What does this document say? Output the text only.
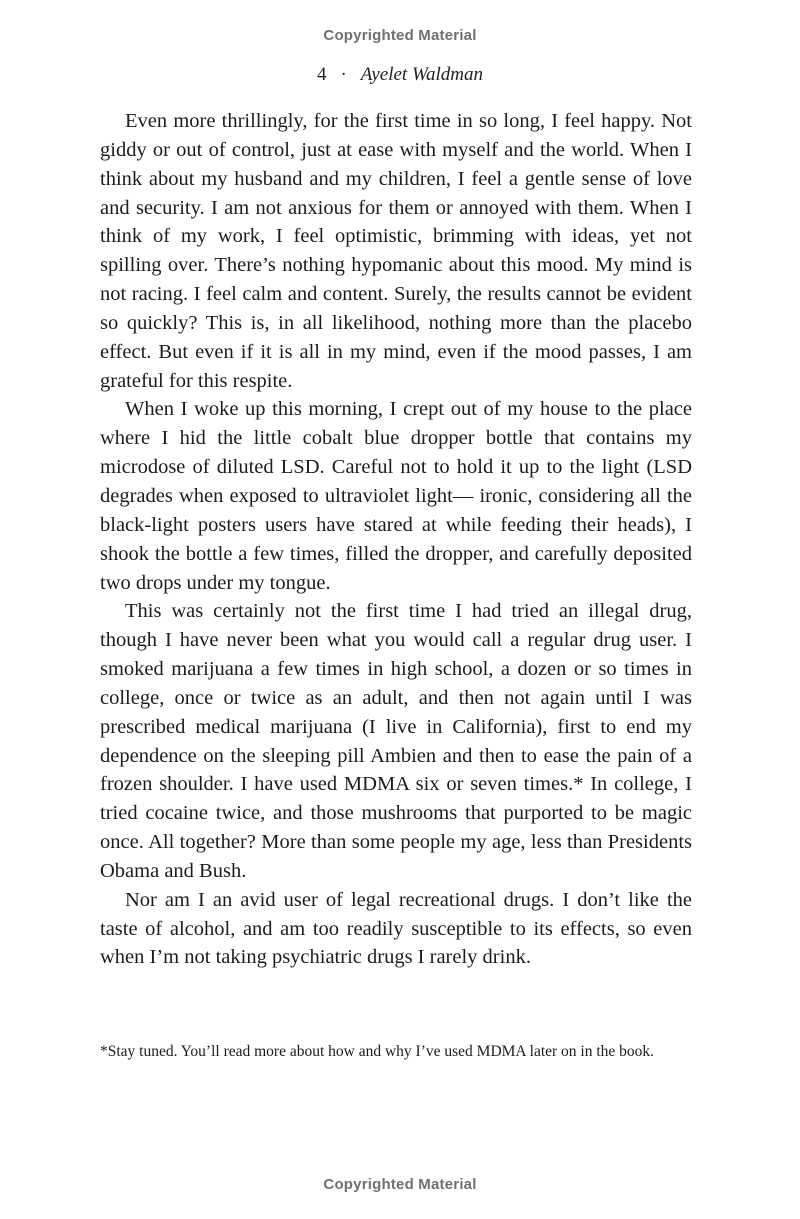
Copyrighted Material
4 · Ayelet Waldman

Even more thrillingly, for the first time in so long, I feel happy. Not giddy or out of control, just at ease with myself and the world. When I think about my husband and my children, I feel a gentle sense of love and security. I am not anxious for them or annoyed with them. When I think of my work, I feel optimistic, brimming with ideas, yet not spilling over. There’s nothing hypomanic about this mood. My mind is not racing. I feel calm and content. Surely, the results cannot be evident so quickly? This is, in all likelihood, nothing more than the placebo effect. But even if it is all in my mind, even if the mood passes, I am grateful for this respite.

When I woke up this morning, I crept out of my house to the place where I hid the little cobalt blue dropper bottle that contains my microdose of diluted LSD. Careful not to hold it up to the light (LSD degrades when exposed to ultraviolet light— ironic, considering all the black-light posters users have stared at while feeding their heads), I shook the bottle a few times, filled the dropper, and carefully deposited two drops under my tongue.

This was certainly not the first time I had tried an illegal drug, though I have never been what you would call a regular drug user. I smoked marijuana a few times in high school, a dozen or so times in college, once or twice as an adult, and then not again until I was prescribed medical marijuana (I live in California), first to end my dependence on the sleeping pill Ambien and then to ease the pain of a frozen shoulder. I have used MDMA six or seven times.* In college, I tried cocaine twice, and those mushrooms that purported to be magic once. All together? More than some people my age, less than Presidents Obama and Bush.

Nor am I an avid user of legal recreational drugs. I don’t like the taste of alcohol, and am too readily susceptible to its effects, so even when I’m not taking psychiatric drugs I rarely drink.

*Stay tuned. You’ll read more about how and why I’ve used MDMA later on in the book.
Copyrighted Material
